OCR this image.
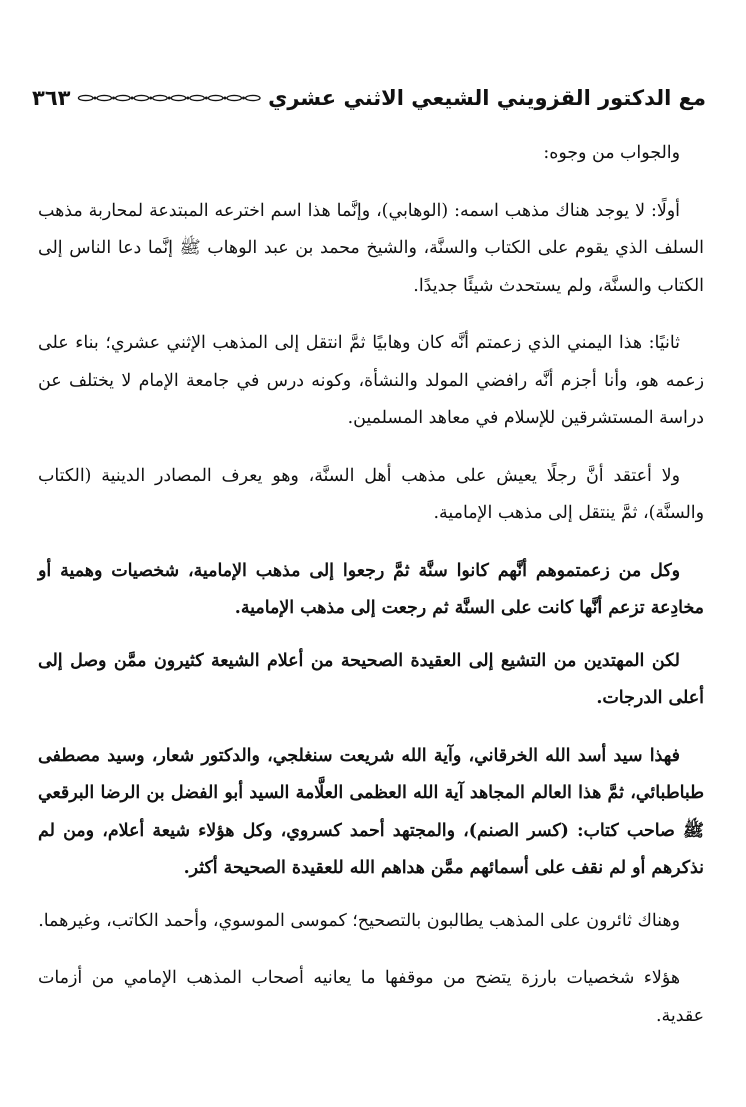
مع الدكتور القزويني الشيعي الاثني عشري
٣٦٣

والجواب من وجوه:

أولًا: لا يوجد هناك مذهب اسمه: (الوهابي)، وإنَّما هذا اسم اخترعه المبتدعة لمحاربة مذهب السلف الذي يقوم على الكتاب والسنَّة، والشيخ محمد بن عبد الوهاب ﷺ إنَّما دعا الناس إلى الكتاب والسنَّة، ولم يستحدث شيئًا جديدًا.

ثانيًا: هذا اليمني الذي زعمتم أنَّه كان وهابيًا ثمَّ انتقل إلى المذهب الإثني عشري؛ بناء على زعمه هو، وأنا أجزم أنَّه رافضي المولد والنشأة، وكونه درس في جامعة الإمام لا يختلف عن دراسة المستشرقين للإسلام في معاهد المسلمين.

ولا أعتقد أنَّ رجلًا يعيش على مذهب أهل السنَّة، وهو يعرف المصادر الدينية (الكتاب والسنَّة)، ثمَّ ينتقل إلى مذهب الإمامية.

وكل من زعمتموهم أنَّهم كانوا سنَّة ثمَّ رجعوا إلى مذهب الإمامية، شخصيات وهمية أو مخادِعة تزعم أنَّها كانت على السنَّة ثم رجعت إلى مذهب الإمامية.

لكن المهتدين من التشيع إلى العقيدة الصحيحة من أعلام الشيعة كثيرون ممَّن وصل إلى أعلى الدرجات.

فهذا سيد أسد الله الخرقاني، وآية الله شريعت سنغلجي، والدكتور شعار، وسيد مصطفى طباطبائي، ثمَّ هذا العالم المجاهد آية الله العظمى العلَّامة السيد أبو الفضل بن الرضا البرقعي ﷺ صاحب كتاب: (كسر الصنم)، والمجتهد أحمد كسروي، وكل هؤلاء شيعة أعلام، ومن لم نذكرهم أو لم نقف على أسمائهم ممَّن هداهم الله للعقيدة الصحيحة أكثر.

وهناك ثائرون على المذهب يطالبون بالتصحيح؛ كموسى الموسوي، وأحمد الكاتب، وغيرهما.

هؤلاء شخصيات بارزة يتضح من موقفها ما يعانيه أصحاب المذهب الإمامي من أزمات عقدية.
